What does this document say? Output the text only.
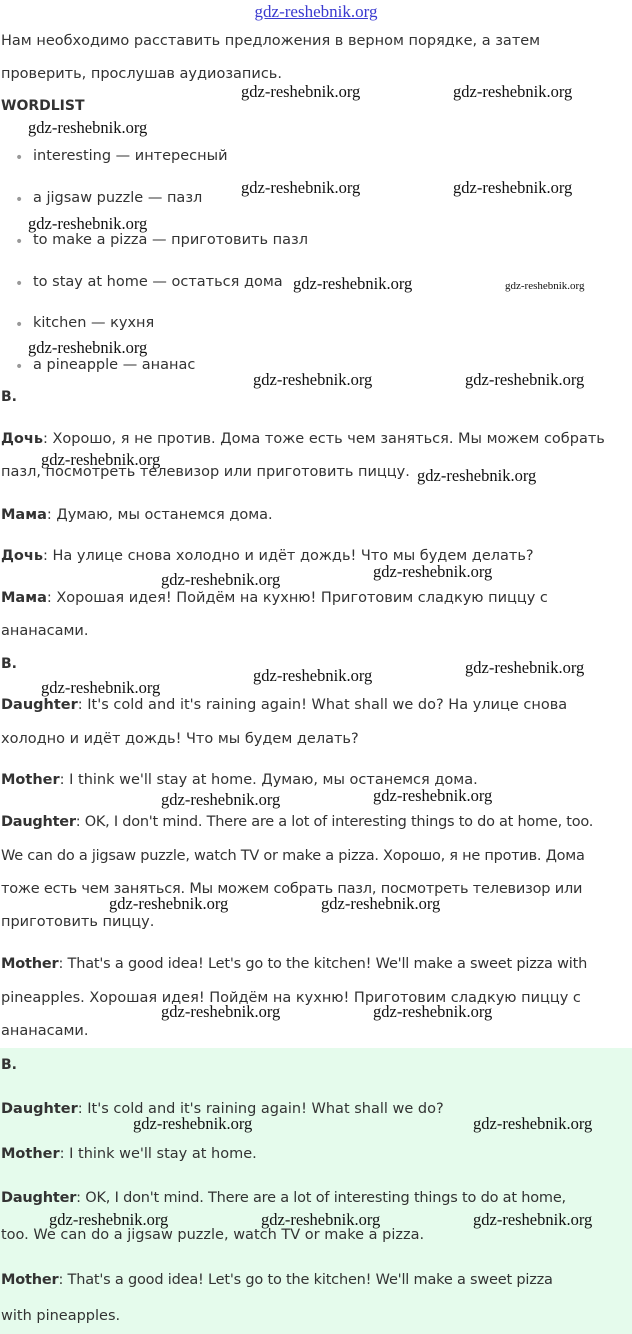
gdz-reshebnik.org
Нам необходимо расставить предложения в верном порядке, а затем
проверить, прослушав аудиозапись.
WORDLIST
• interesting — интересный
• a jigsaw puzzle — пазл
• to make a pizza — приготовить пазл
• to stay at home — остаться дома
• kitchen — кухня
• a pineapple — ананас
B.
Дочь: Хорошо, я не против. Дома тоже есть чем заняться. Мы можем собрать
пазл, посмотреть телевизор или приготовить пиццу.
Мама: Думаю, мы останемся дома.
Дочь: На улице снова холодно и идёт дождь! Что мы будем делать?
Мама: Хорошая идея! Пойдём на кухню! Приготовим сладкую пиццу с
ананасами.
B.
Daughter: It's cold and it's raining again! What shall we do? На улице снова
холодно и идёт дождь! Что мы будем делать?
Mother: I think we'll stay at home. Думаю, мы останемся дома.
Daughter: OK, I don't mind. There are a lot of interesting things to do at home, too.
We can do a jigsaw puzzle, watch TV or make a pizza. Хорошо, я не против. Дома
тоже есть чем заняться. Мы можем собрать пазл, посмотреть телевизор или
приготовить пиццу.
Mother: That's a good idea! Let's go to the kitchen! We'll make a sweet pizza with
pineapples. Хорошая идея! Пойдём на кухню! Приготовим сладкую пиццу с
ананасами.
B.
Daughter: It's cold and it's raining again! What shall we do?
Mother: I think we'll stay at home.
Daughter: OK, I don't mind. There are a lot of interesting things to do at home,
too. We can do a jigsaw puzzle, watch TV or make a pizza.
Mother: That's a good idea! Let's go to the kitchen! We'll make a sweet pizza
with pineapples.
gdz-reshebnik.org	gdz-reshebnik.org
gdz-reshebnik.org
gdz-reshebnik.org	gdz-reshebnik.org
gdz-reshebnik.org
gdz-reshebnik.org	gdz-reshebnik.org
gdz-reshebnik.org
gdz-reshebnik.org	gdz-reshebnik.org
gdz-reshebnik.org
gdz-reshebnik.org
gdz-reshebnik.org	gdz-reshebnik.org
gdz-reshebnik.org	gdz-reshebnik.org
gdz-reshebnik.org
gdz-reshebnik.org	gdz-reshebnik.org
gdz-reshebnik.org	gdz-reshebnik.org
gdz-reshebnik.org	gdz-reshebnik.org
gdz-reshebnik.org	gdz-reshebnik.org
gdz-reshebnik.org	gdz-reshebnik.org	gdz-reshebnik.org
